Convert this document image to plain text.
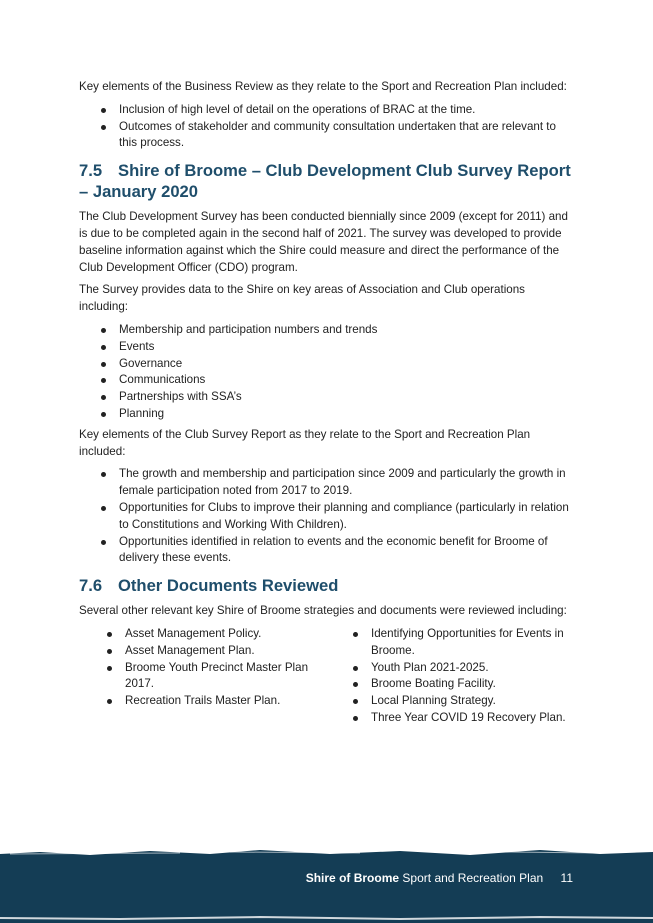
Key elements of the Business Review as they relate to the Sport and Recreation Plan included:

Inclusion of high level of detail on the operations of BRAC at the time.
Outcomes of stakeholder and community consultation undertaken that are relevant to this process.
7.5 Shire of Broome – Club Development Club Survey Report – January 2020

The Club Development Survey has been conducted biennially since 2009 (except for 2011) and is due to be completed again in the second half of 2021. The survey was developed to provide baseline information against which the Shire could measure and direct the performance of the Club Development Officer (CDO) program.

The Survey provides data to the Shire on key areas of Association and Club operations including:

Membership and participation numbers and trends
Events
Governance
Communications
Partnerships with SSA’s
Planning

Key elements of the Club Survey Report as they relate to the Sport and Recreation Plan included:

The growth and membership and participation since 2009 and particularly the growth in female participation noted from 2017 to 2019.
Opportunities for Clubs to improve their planning and compliance (particularly in relation to Constitutions and Working With Children).
Opportunities identified in relation to events and the economic benefit for Broome of delivery these events.
7.6 Other Documents Reviewed

Several other relevant key Shire of Broome strategies and documents were reviewed including:

Asset Management Policy.
Asset Management Plan.
Broome Youth Precinct Master Plan 2017.
Recreation Trails Master Plan.
Identifying Opportunities for Events in Broome.
Youth Plan 2021-2025.
Broome Boating Facility.
Local Planning Strategy.
Three Year COVID 19 Recovery Plan.
Shire of Broome Sport and Recreation Plan 11
